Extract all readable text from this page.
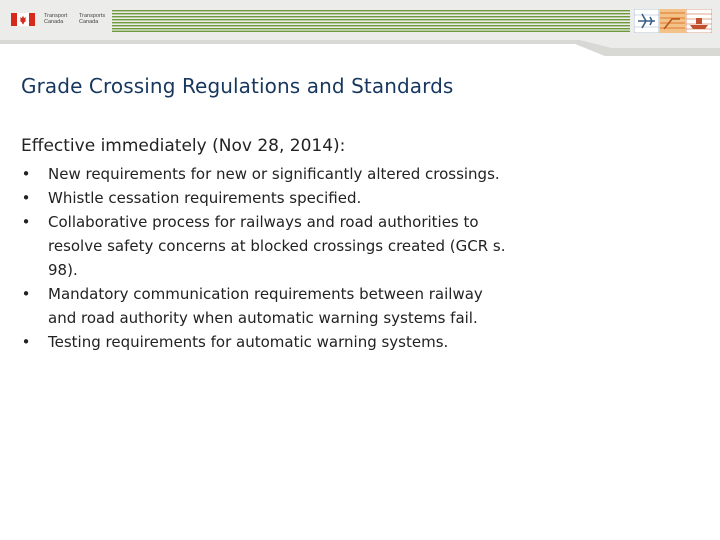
Transport
Canada
Transports
Canada
Grade Crossing Regulations and Standards
Effective immediately (Nov 28, 2014):
• New requirements for new or significantly altered crossings.
• Whistle cessation requirements specified.
• Collaborative process for railways and road authorities to resolve safety concerns at blocked crossings created (GCR s. 98).
• Mandatory communication requirements between railway and road authority when automatic warning systems fail.
• Testing requirements for automatic warning systems.
